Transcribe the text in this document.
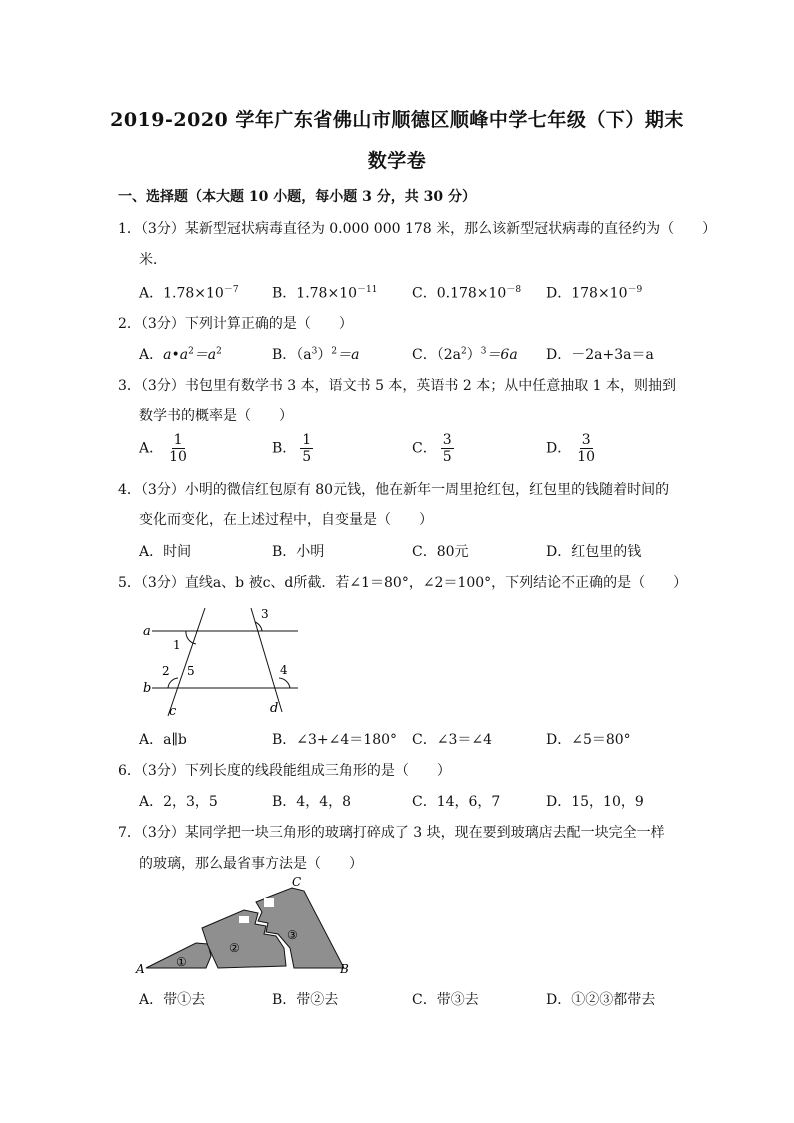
2019-2020 学年广东省佛山市顺德区顺峰中学七年级（下）期末
数学卷
一、选择题（本大题 10 小题，每小题 3 分，共 30 分）
1．（3分）某新型冠状病毒直径为 0.000 000 178 米，那么该新型冠状病毒的直径约为（　　）
米．
A．$1.78\times 10^{-7}$ B．$1.78\times 10^{-11}$ C．$0.178\times 10^{-8}$ D．$178\times 10^{-9}$
2．（3分）下列计算正确的是（　　）
A．$a•a^2=a^2$	B．$(a^3)^2=a$	C．$(2a^2)^3=6a$ D．－2a+3a＝a
3．（3分）书包里有数学书 3 本，语文书 5 本，英语书 2 本；从中任意抽取 1 本，则抽到
数学书的概率是（　　）
A． $\frac{1}{10}$	B． $\frac{1}{5}$	C． $\frac{3}{5}$	D． $\frac{3}{10}$
4．（3分）小明的微信红包原有 80元钱，他在新年一周里抢红包，红包里的钱随着时间的
变化而变化，在上述过程中，自变量是（　　）
A．时间	B．小明	C．80元	D．红包里的钱
5．（3分）直线a、b 被c、d所截．若∠1＝80°，∠2＝100°，下列结论不正确的是（　　）
a
b
c	d
1
2
3
4
5
A．a∥b	B．∠3+∠4＝180° C．∠3＝∠4	D．∠5＝80°
6．（3分）下列长度的线段能组成三角形的是（　　）
A．2，3，5	B．4，4，8	C．14，6，7	D．15，10，9
7．（3分）某同学把一块三角形的玻璃打碎成了 3 块，现在要到玻璃店去配一块完全一样
的玻璃，那么最省事方法是（　　）
A	B
C
①
②
③
A．带①去	B．带②去	C．带③去	D．①②③都带去
